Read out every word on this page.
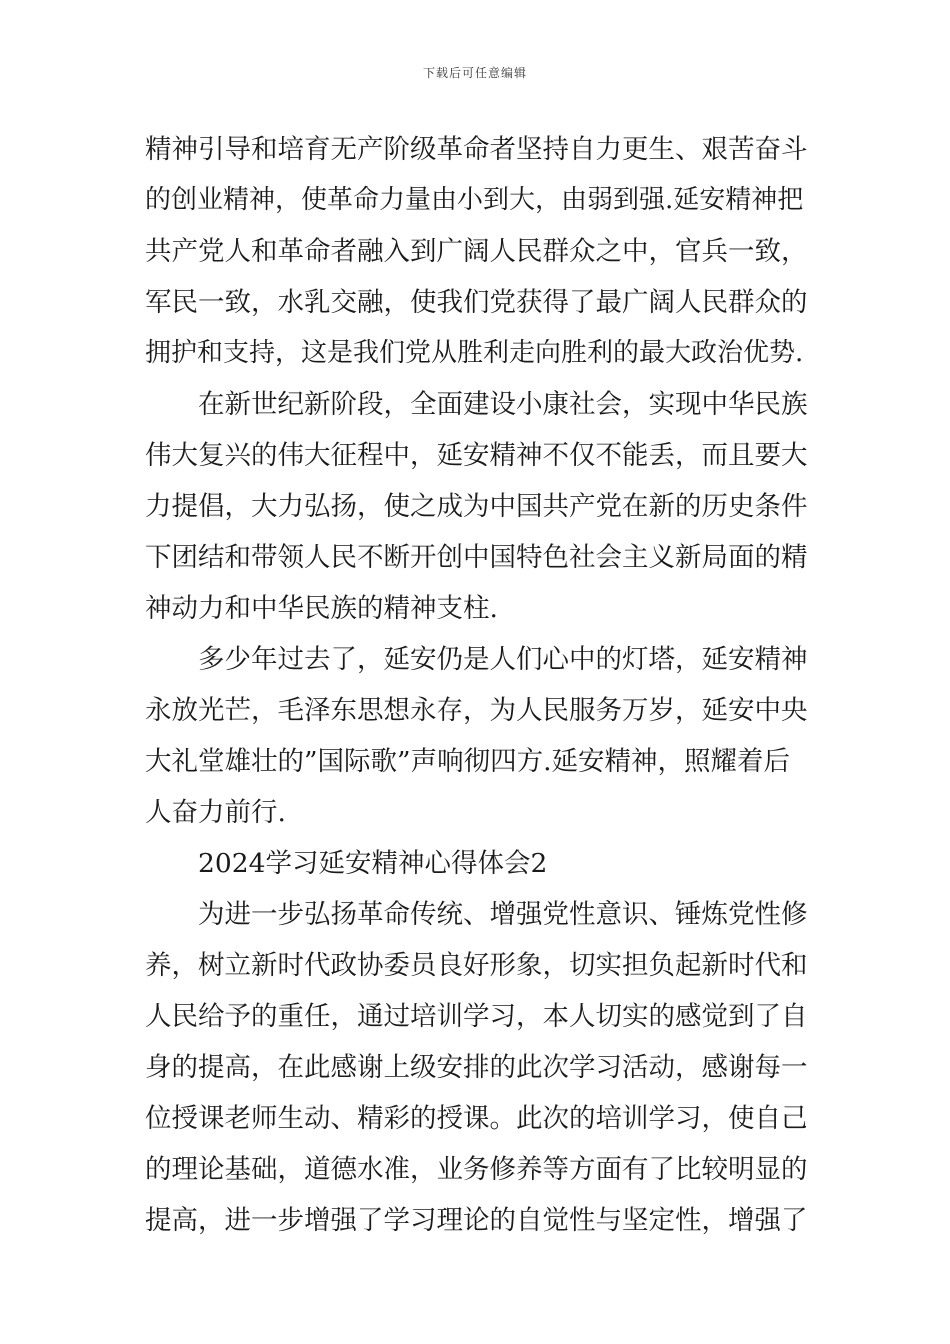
下载后可任意编辑
精神引导和培育无产阶级革命者坚持自力更生、艰苦奋斗
的创业精神，使革命力量由小到大，由弱到强.延安精神把
共产党人和革命者融入到广阔人民群众之中，官兵一致，
军民一致，水乳交融，使我们党获得了最广阔人民群众的
拥护和支持，这是我们党从胜利走向胜利的最大政治优势.
在新世纪新阶段，全面建设小康社会，实现中华民族
伟大复兴的伟大征程中，延安精神不仅不能丢，而且要大
力提倡，大力弘扬，使之成为中国共产党在新的历史条件
下团结和带领人民不断开创中国特色社会主义新局面的精
神动力和中华民族的精神支柱.
多少年过去了，延安仍是人们心中的灯塔，延安精神
永放光芒，毛泽东思想永存，为人民服务万岁，延安中央
大礼堂雄壮的”国际歌”声响彻四方.延安精神，照耀着后
人奋力前行.
2024学习延安精神心得体会2
为进一步弘扬革命传统、增强党性意识、锤炼党性修
养，树立新时代政协委员良好形象，切实担负起新时代和
人民给予的重任，通过培训学习，本人切实的感觉到了自
身的提高，在此感谢上级安排的此次学习活动，感谢每一
位授课老师生动、精彩的授课。此次的培训学习，使自己
的理论基础，道德水准，业务修养等方面有了比较明显的
提高，进一步增强了学习理论的自觉性与坚定性，增强了
